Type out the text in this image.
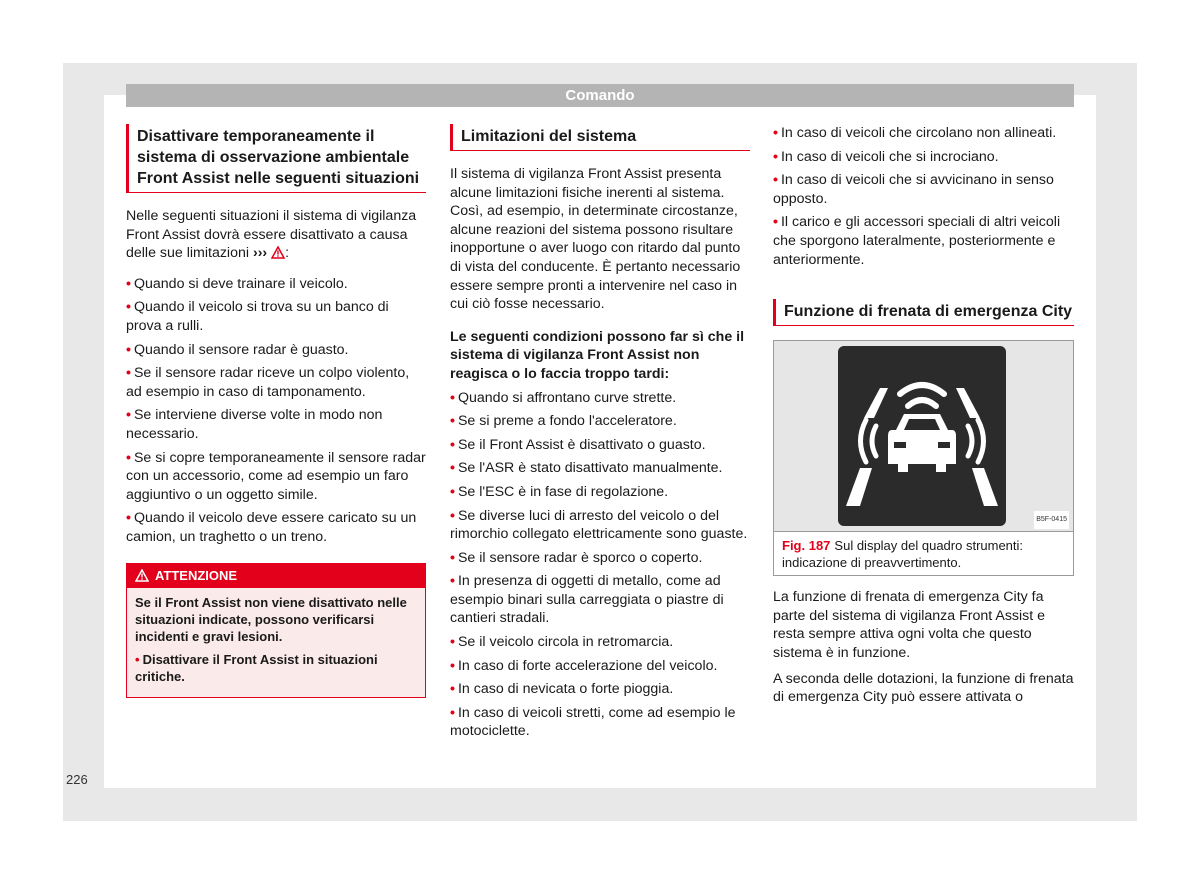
Comando
Disattivare temporaneamente il sistema di osservazione ambientale Front Assist nelle seguenti situazioni

Nelle seguenti situazioni il sistema di vigilanza Front Assist dovrà essere disattivato a causa delle sue limitazioni ››› :

• Quando si deve trainare il veicolo.

• Quando il veicolo si trova su un banco di prova a rulli.

• Quando il sensore radar è guasto.

• Se il sensore radar riceve un colpo violento, ad esempio in caso di tamponamento.

• Se interviene diverse volte in modo non necessario.

• Se si copre temporaneamente il sensore radar con un accessorio, come ad esempio un faro aggiuntivo o un oggetto simile.

• Quando il veicolo deve essere caricato su un camion, un traghetto o un treno.

ATTENZIONE

Se il Front Assist non viene disattivato nelle situazioni indicate, possono verificarsi incidenti e gravi lesioni.

• Disattivare il Front Assist in situazioni critiche.

Limitazioni del sistema

Il sistema di vigilanza Front Assist presenta alcune limitazioni fisiche inerenti al sistema. Così, ad esempio, in determinate circostanze, alcune reazioni del sistema possono risultare inopportune o aver luogo con ritardo dal punto di vista del conducente. È pertanto necessario essere sempre pronti a intervenire nel caso in cui ciò fosse necessario.

Le seguenti condizioni possono far sì che il sistema di vigilanza Front Assist non reagisca o lo faccia troppo tardi:

• Quando si affrontano curve strette.

• Se si preme a fondo l'acceleratore.

• Se il Front Assist è disattivato o guasto.

• Se l'ASR è stato disattivato manualmente.

• Se l'ESC è in fase di regolazione.

• Se diverse luci di arresto del veicolo o del rimorchio collegato elettricamente sono guaste.

• Se il sensore radar è sporco o coperto.

• In presenza di oggetti di metallo, come ad esempio binari sulla carreggiata o piastre di cantieri stradali.

• Se il veicolo circola in retromarcia.

• In caso di forte accelerazione del veicolo.

• In caso di nevicata o forte pioggia.

• In caso di veicoli stretti, come ad esempio le motociclette.

• In caso di veicoli che circolano non allineati.

• In caso di veicoli che si incrociano.

• In caso di veicoli che si avvicinano in senso opposto.

• Il carico e gli accessori speciali di altri veicoli che sporgono lateralmente, posteriormente e anteriormente.

Funzione di frenata di emergenza City
B5F-0415
Fig. 187 Sul display del quadro strumenti: indicazione di preavvertimento.

La funzione di frenata di emergenza City fa parte del sistema di vigilanza Front Assist e resta sempre attiva ogni volta che questo sistema è in funzione.

A seconda delle dotazioni, la funzione di frenata di emergenza City può essere attivata o

226
